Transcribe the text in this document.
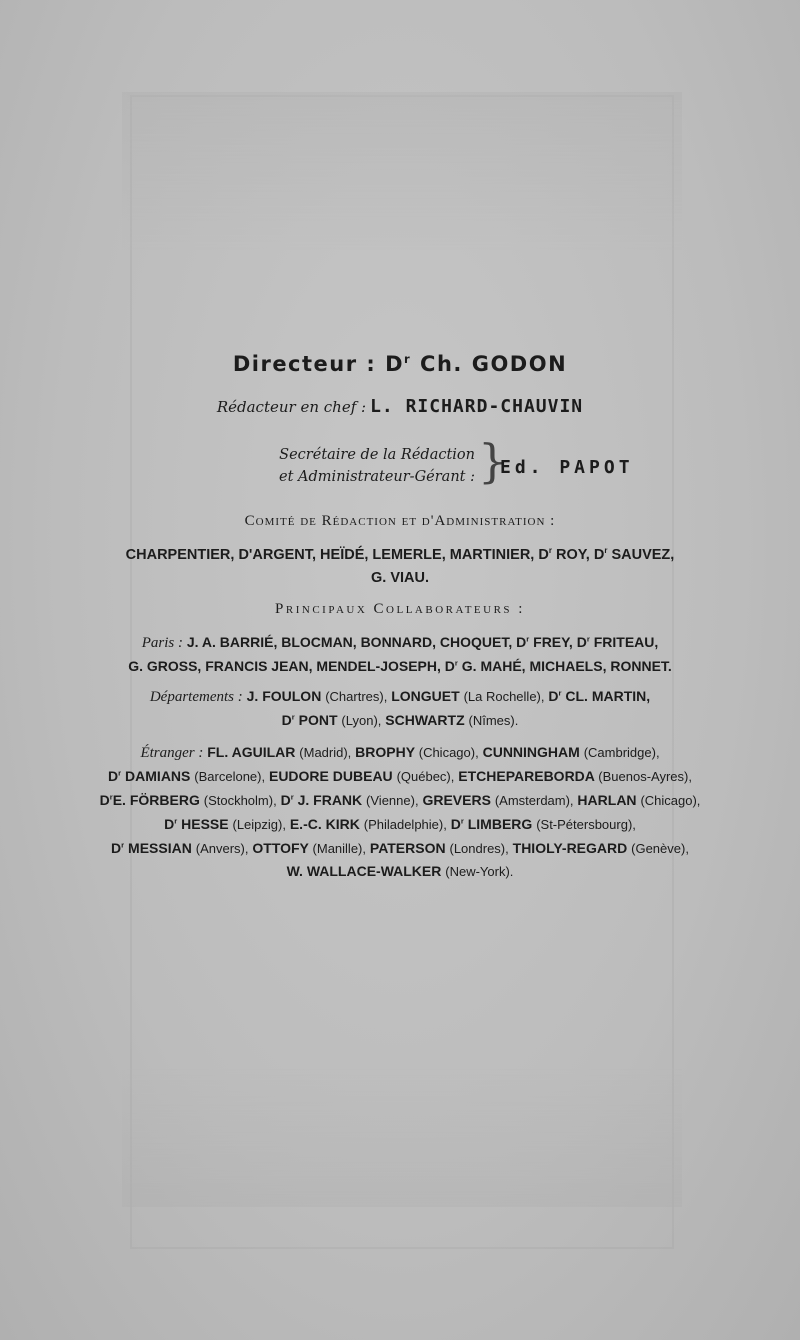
Directeur : $D^r$ Ch. GODON
Rédacteur en chef : L. RICHARD-CHAUVIN
Secrétaire de la Rédaction
et Administrateur-Gérant : }
Ed. PAPOT
Comité de Rédaction et d'Administration :
CHARPENTIER, D'ARGENT, HEÏDÉ, LEMERLE, MARTINIER, $D^r$ ROY, $D^r$ SAUVEZ,
G. VIAU.
Principaux Collaborateurs :
Paris : J. A. BARRIÉ, BLOCMAN, BONNARD, CHOQUET, $D^r$ FREY, $D^r$ FRITEAU,
G. GROSS, FRANCIS JEAN, MENDEL-JOSEPH, $D^r$ G. MAHÉ, MICHAELS, RONNET.
Départements : J. FOULON (Chartres), LONGUET (La Rochelle), $D^r$ CL. MARTIN,
$D^r$ PONT (Lyon), SCHWARTZ (Nîmes).
Étranger : FL. AGUILAR (Madrid), BROPHY (Chicago), CUNNINGHAM (Cambridge),
$D^r$ DAMIANS (Barcelone), EUDORE DUBEAU (Québec), ETCHEPAREBORDA (Buenos-Ayres),
$D^rE$. FÖRBERG (Stockholm), $D^r$ J. FRANK (Vienne), GREVERS (Amsterdam), HARLAN (Chicago),
$D^r$ HESSE (Leipzig), E.-C. KIRK (Philadelphie), $D^r$ LIMBERG (St-Pétersbourg),
$D^r$ MESSIAN (Anvers), OTTOFY (Manille), PATERSON (Londres), THIOLY-REGARD (Genève),
W. WALLACE-WALKER (New-York).
